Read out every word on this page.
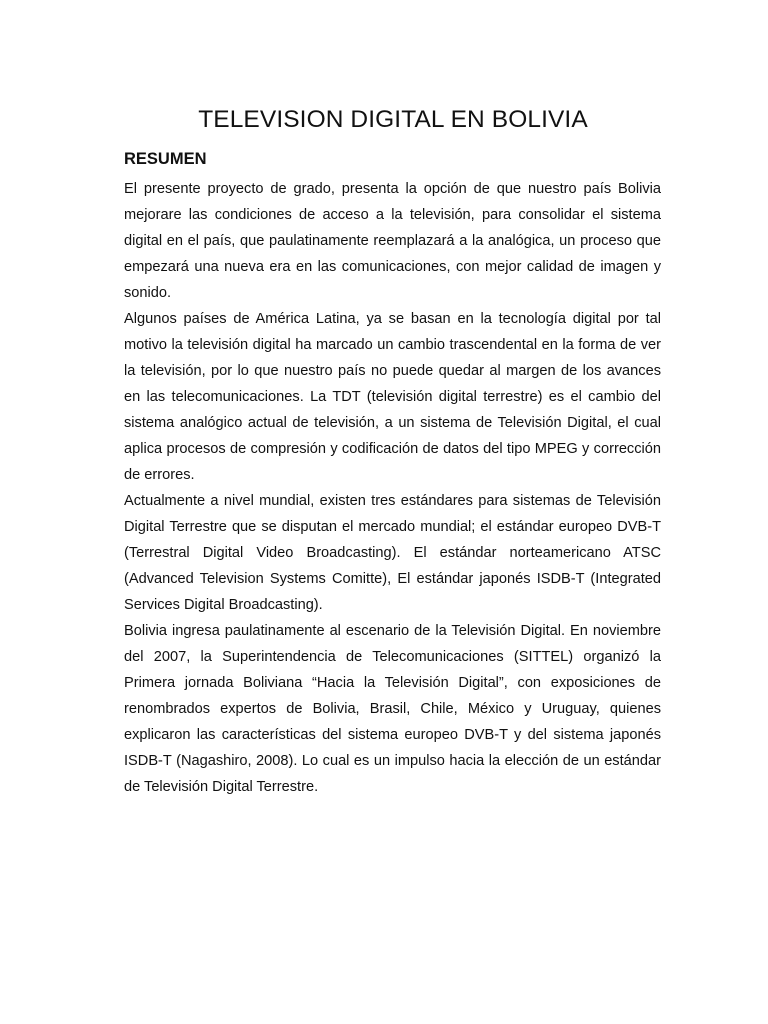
TELEVISION DIGITAL EN BOLIVIA
RESUMEN

El presente proyecto de grado, presenta la opción de que nuestro país Bolivia mejorare las condiciones de acceso a la televisión, para consolidar el sistema digital en el país, que paulatinamente reemplazará a la analógica, un proceso que empezará una nueva era en las comunicaciones, con mejor calidad de imagen y sonido.

Algunos países de América Latina, ya se basan en la tecnología digital por tal motivo la televisión digital ha marcado un cambio trascendental en la forma de ver la televisión, por lo que nuestro país no puede quedar al margen de los avances en las telecomunicaciones. La TDT (televisión digital terrestre) es el cambio del sistema analógico actual de televisión, a un sistema de Televisión Digital, el cual aplica procesos de compresión y codificación de datos del tipo MPEG y corrección de errores.

Actualmente a nivel mundial, existen tres estándares para sistemas de Televisión Digital Terrestre que se disputan el mercado mundial; el estándar europeo DVB-T (Terrestral Digital Video Broadcasting). El estándar norteamericano ATSC (Advanced Television Systems Comitte), El estándar japonés ISDB-T (Integrated Services Digital Broadcasting).

Bolivia ingresa paulatinamente al escenario de la Televisión Digital. En noviembre del 2007, la Superintendencia de Telecomunicaciones (SITTEL) organizó la Primera jornada Boliviana “Hacia la Televisión Digital”, con exposiciones de renombrados expertos de Bolivia, Brasil, Chile, México y Uruguay, quienes explicaron las características del sistema europeo DVB-T y del sistema japonés ISDB-T (Nagashiro, 2008). Lo cual es un impulso hacia la elección de un estándar de Televisión Digital Terrestre.
